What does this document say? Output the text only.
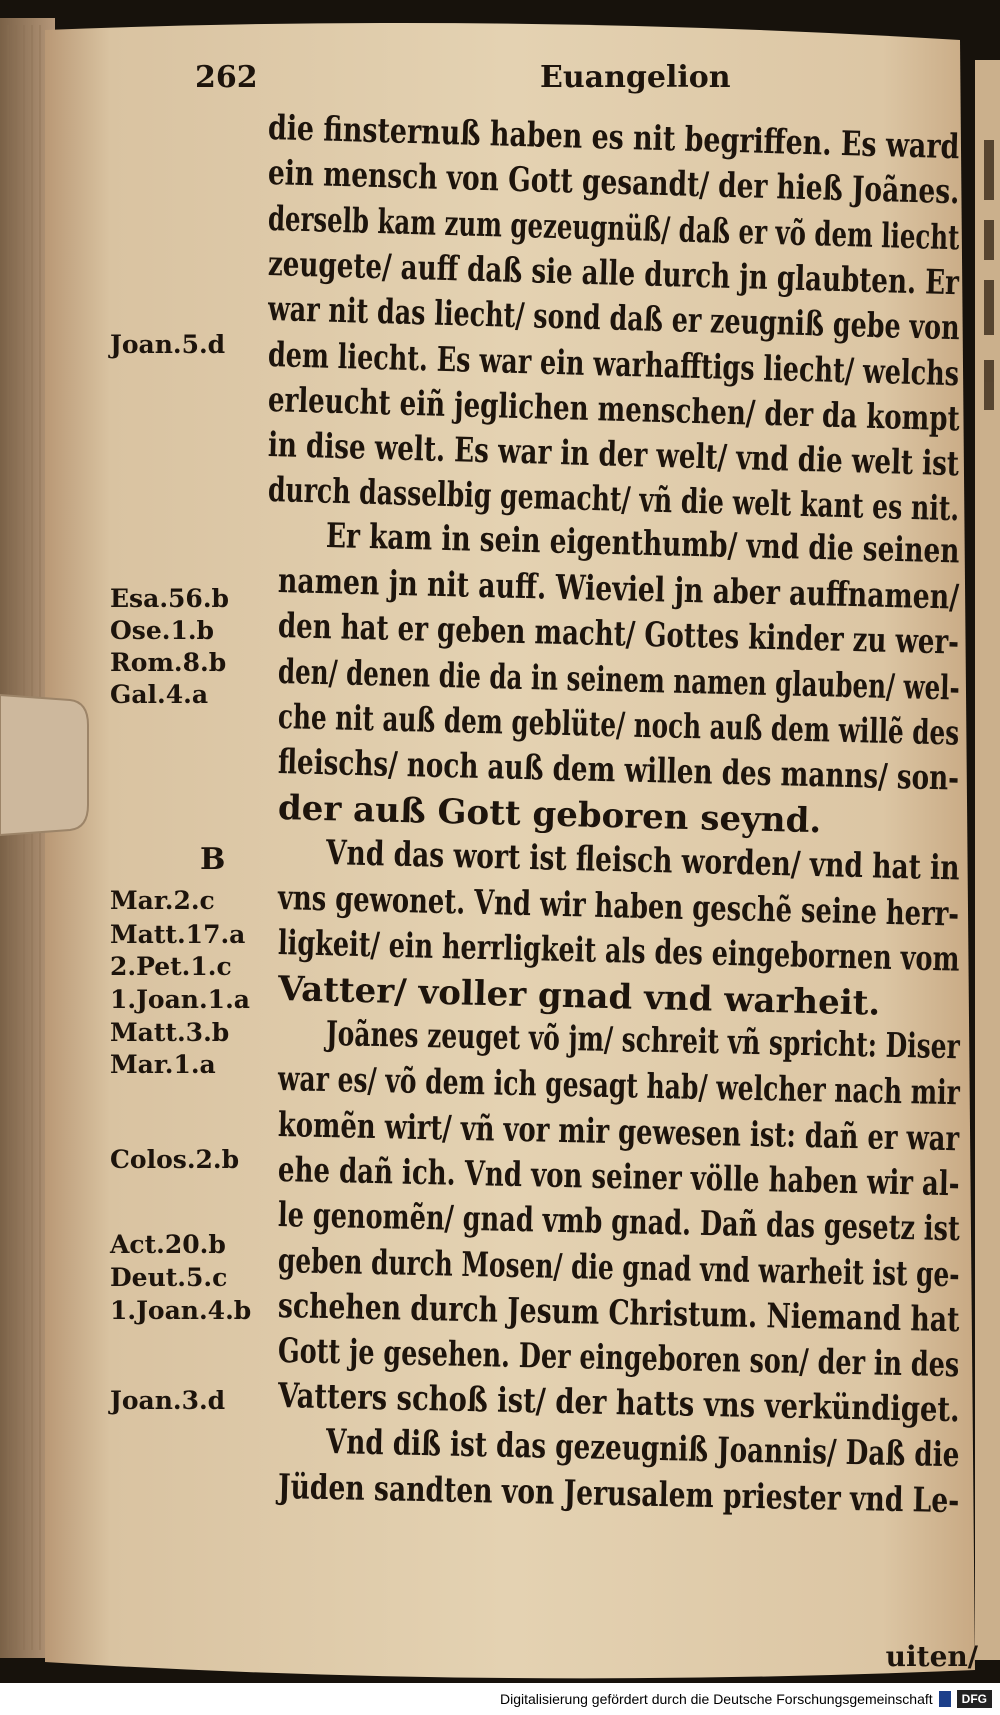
262	Euangelion
die finsternuß haben es nit begriffen. Es ward
ein mensch von Gott gesandt/ der hieß Joãnes.
derselb kam zum gezeugnüß/ daß er võ dem liecht
zeugete/ auff daß sie alle durch jn glaubten. Er
war nit das liecht/ sond daß er zeugniß gebe von
dem liecht. Es war ein warhafftigs liecht/ welchs
erleucht eiñ jeglichen menschen/ der da kompt
in dise welt. Es war in der welt/ vnd die welt ist
durch dasselbig gemacht/ vñ die welt kant es nit.
Er kam in sein eigenthumb/ vnd die seinen
namen jn nit auff. Wieviel jn aber auffnamen/
den hat er geben macht/ Gottes kinder zu wer-
den/ denen die da in seinem namen glauben/ wel-
che nit auß dem geblüte/ noch auß dem willẽ des
fleischs/ noch auß dem willen des manns/ son-
der auß Gott geboren seynd.
Vnd das wort ist fleisch worden/ vnd hat in
vns gewonet. Vnd wir haben geschẽ seine herr-
ligkeit/ ein herrligkeit als des eingebornen vom
Vatter/ voller gnad vnd warheit.
Joãnes zeuget võ jm/ schreit vñ spricht: Diser
war es/ võ dem ich gesagt hab/ welcher nach mir
komẽn wirt/ vñ vor mir gewesen ist: dañ er war
ehe dañ ich. Vnd von seiner völle haben wir al-
le genomẽn/ gnad vmb gnad. Dañ das gesetz ist
geben durch Mosen/ die gnad vnd warheit ist ge-
schehen durch Jesum Christum. Niemand hat
Gott je gesehen. Der eingeboren son/ der in des
Vatters schoß ist/ der hatts vns verkündiget.
Vnd diß ist das gezeugniß Joannis/ Daß die
Jüden sandten von Jerusalem priester vnd Le-
Joan.5.d
Esa.56.b
Ose.1.b
Rom.8.b
Gal.4.a
B
Mar.2.c
Matt.17.a
2.Pet.1.c
1.Joan.1.a
Matt.3.b
Mar.1.a
Colos.2.b
Act.20.b
Deut.5.c
1.Joan.4.b
Joan.3.d
uiten/
Digitalisierung gefördert durch die Deutsche Forschungsgemeinschaft	DFG
